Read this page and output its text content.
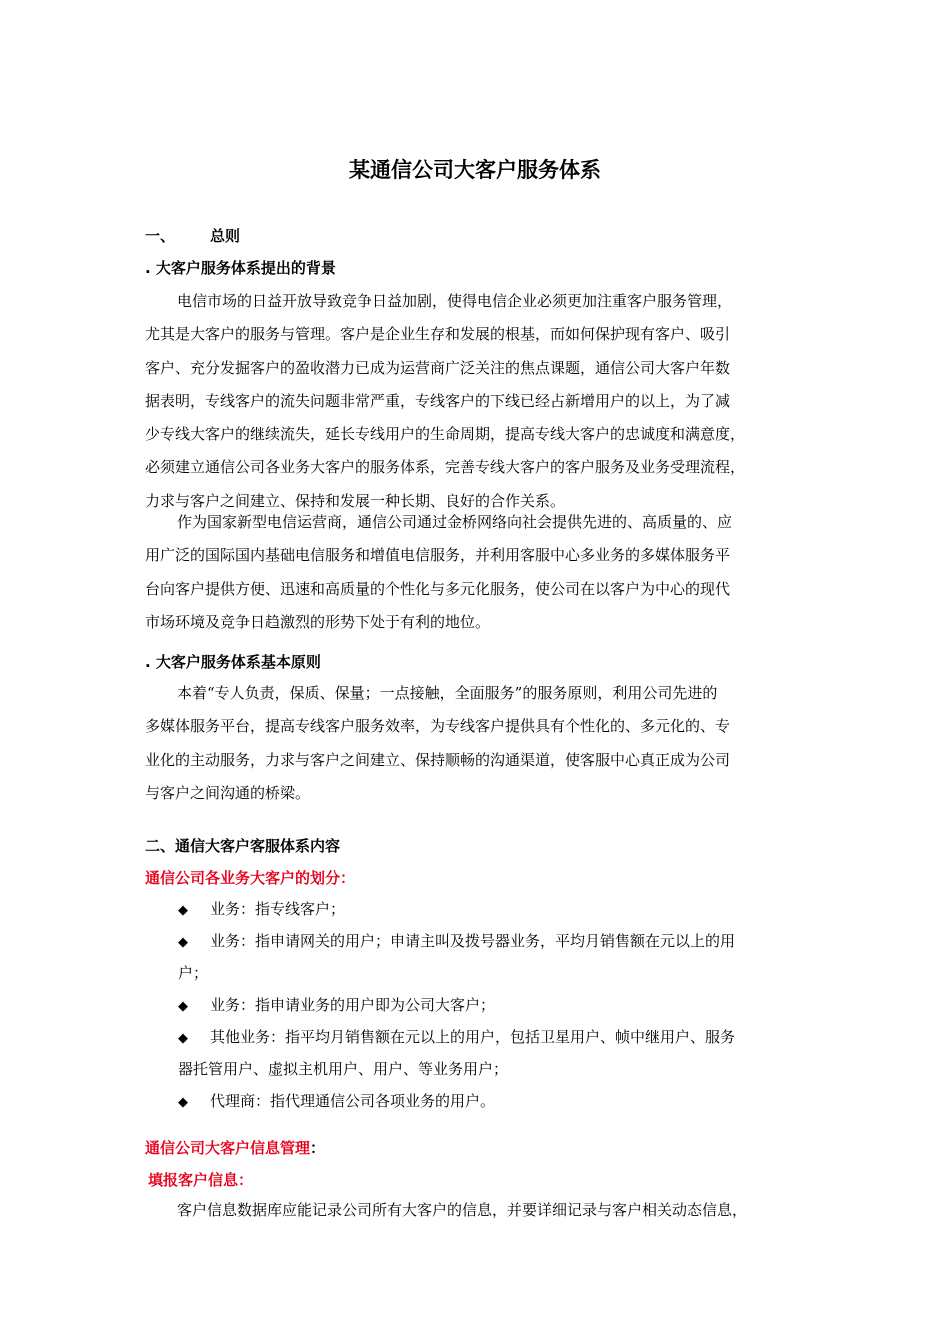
某通信公司大客户服务体系
一、 总则
. 大客户服务体系提出的背景
电信市场的日益开放导致竞争日益加剧，使得电信企业必须更加注重客户服务管理，
尤其是大客户的服务与管理。客户是企业生存和发展的根基，而如何保护现有客户、吸引
客户、充分发掘客户的盈收潜力已成为运营商广泛关注的焦点课题，通信公司大客户年数
据表明，专线客户的流失问题非常严重，专线客户的下线已经占新增用户的以上，为了减
少专线大客户的继续流失，延长专线用户的生命周期，提高专线大客户的忠诚度和满意度，
必须建立通信公司各业务大客户的服务体系，完善专线大客户的客户服务及业务受理流程，
力求与客户之间建立、保持和发展一种长期、良好的合作关系。
作为国家新型电信运营商，通信公司通过金桥网络向社会提供先进的、高质量的、应
用广泛的国际国内基础电信服务和增值电信服务，并利用客服中心多业务的多媒体服务平
台向客户提供方便、迅速和高质量的个性化与多元化服务，使公司在以客户为中心的现代
市场环境及竞争日趋激烈的形势下处于有利的地位。
. 大客户服务体系基本原则
本着“专人负责，保质、保量；一点接触，全面服务”的服务原则，利用公司先进的
多媒体服务平台，提高专线客户服务效率，为专线客户提供具有个性化的、多元化的、专
业化的主动服务，力求与客户之间建立、保持顺畅的沟通渠道，使客服中心真正成为公司
与客户之间沟通的桥梁。
二、通信大客户客服体系内容
通信公司各业务大客户的划分：
◆ 业务：指专线客户；
◆ 业务：指申请网关的用户；申请主叫及拨号器业务，平均月销售额在元以上的用
户；
◆ 业务：指申请业务的用户即为公司大客户；
◆ 其他业务：指平均月销售额在元以上的用户，包括卫星用户、帧中继用户、服务
器托管用户、虚拟主机用户、用户、等业务用户；
◆ 代理商：指代理通信公司各项业务的用户。
通信公司大客户信息管理：
填报客户信息：
客户信息数据库应能记录公司所有大客户的信息，并要详细记录与客户相关动态信息，
